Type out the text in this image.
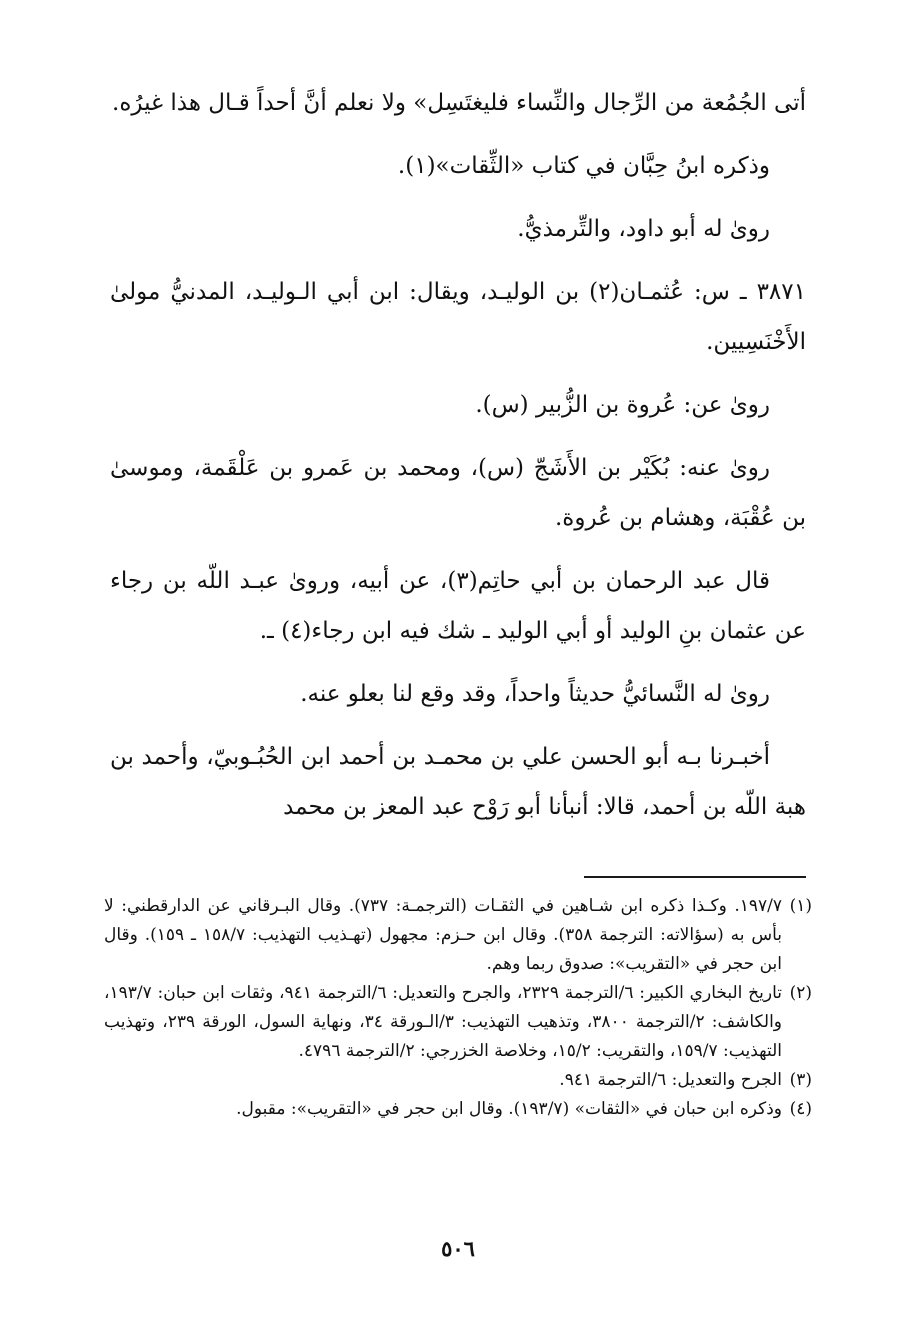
أتى الجُمُعة من الرِّجال والنِّساء فليغتَسِل» ولا نعلم أنَّ أحداً قـال هذا غيرُه.

وذكره ابنُ حِبَّان في كتاب «الثِّقات»(١).

روىٰ له أبو داود، والتِّرمذيُّ.

٣٨٧١ ـ س: عُثمـان(٢) بن الوليـد، ويقال: ابن أبي الـوليـد، المدنيُّ مولىٰ الأَخْنَسِيين.

روىٰ عن: عُروة بن الزُّبير (س).

روىٰ عنه: بُكَيْر بن الأَشَجّ (س)، ومحمد بن عَمرو بن عَلْقَمة، وموسىٰ بن عُقْبَة، وهشام بن عُروة.

قال عبد الرحمان بن أبي حاتِم(٣)، عن أبيه، وروىٰ عبـد اللّه بن رجاء عن عثمان بنِ الوليد أو أبي الوليد ـ شك فيه ابن رجاء(٤) ـ.

روىٰ له النَّسائيُّ حديثاً واحداً، وقد وقع لنا بعلو عنه.

أخبـرنا بـه أبو الحسن علي بن محمـد بن أحمد ابن الحُبُـوبيّ، وأحمد بن هبة اللّه بن أحمد، قالا: أنبأنا أبو رَوْح عبد المعز بن محمد

(١)
١٩٧/٧. وكـذا ذكره ابن شـاهين في الثقـات (الترجمـة: ٧٣٧). وقال البـرقاني عن الدارقطني: لا بأس به (سؤالاته: الترجمة ٣٥٨). وقال ابن حـزم: مجهول (تهـذيب التهذيب: ١٥٨/٧ ـ ١٥٩). وقال ابن حجر في «التقريب»: صدوق ربما وهم.

(٢)
تاريخ البخاري الكبير: ٦/الترجمة ٢٣٢٩، والجرح والتعديل: ٦/الترجمة ٩٤١، وثقات ابن حبان: ١٩٣/٧، والكاشف: ٢/الترجمة ٣٨٠٠، وتذهيب التهذيب: ٣/الـورقة ٣٤، ونهاية السول، الورقة ٢٣٩، وتهذيب التهذيب: ١٥٩/٧، والتقريب: ١٥/٢، وخلاصة الخزرجي: ٢/الترجمة ٤٧٩٦.

(٣)
الجرح والتعديل: ٦/الترجمة ٩٤١.

(٤)
وذكره ابن حبان في «الثقات» (١٩٣/٧). وقال ابن حجر في «التقريب»: مقبول.

٥٠٦
